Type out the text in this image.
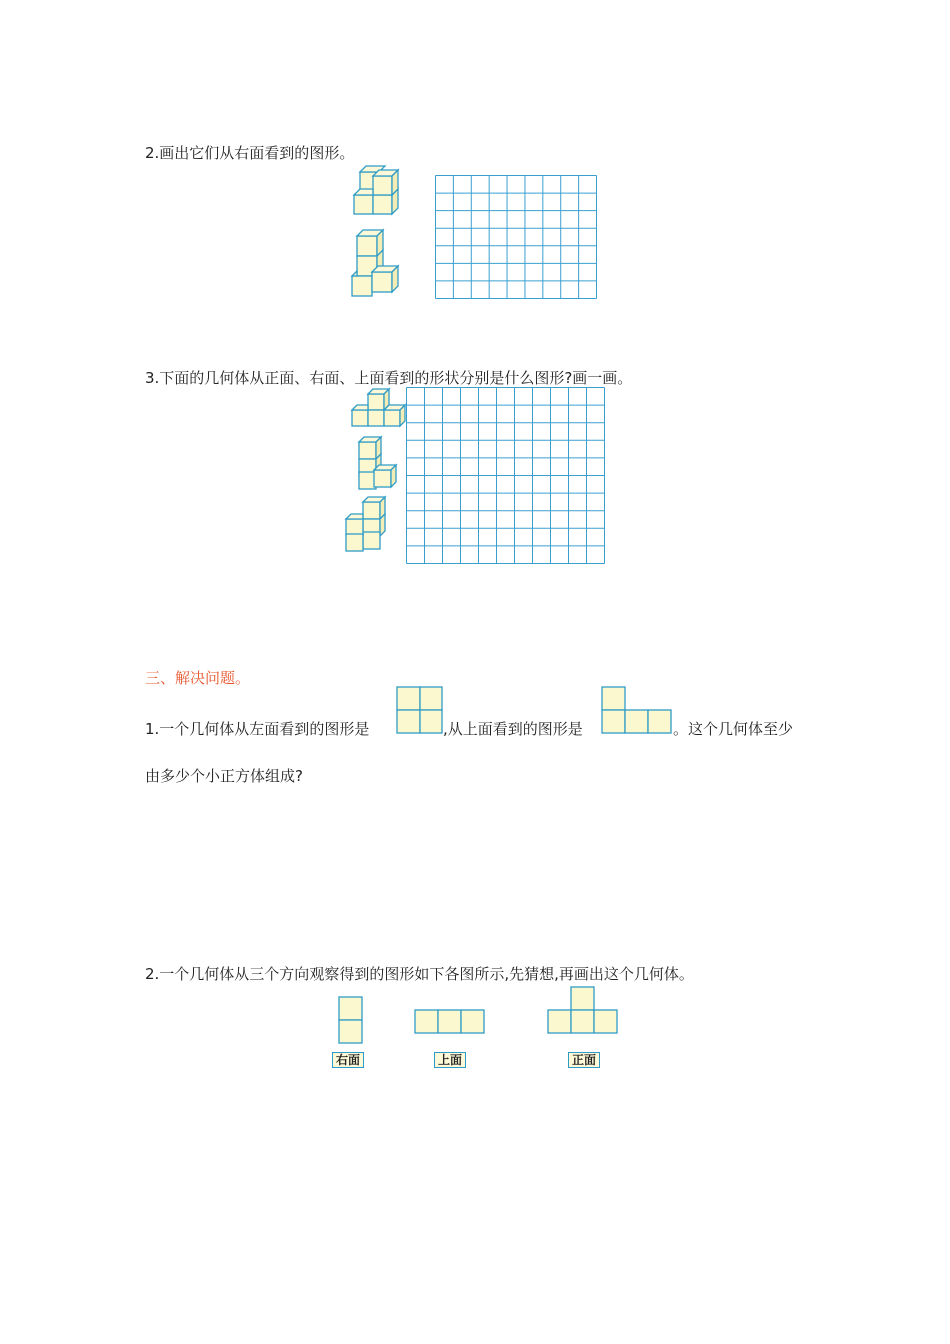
2.画出它们从右面看到的图形。
3.下面的几何体从正面、右面、上面看到的形状分别是什么图形?画一画。
三、解决问题。
1.一个几何体从左面看到的图形是	,从上面看到的图形是	。这个几何体至少
由多少个小正方体组成?
2.一个几何体从三个方向观察得到的图形如下各图所示,先猜想,再画出这个几何体。
右面	上面	正面
